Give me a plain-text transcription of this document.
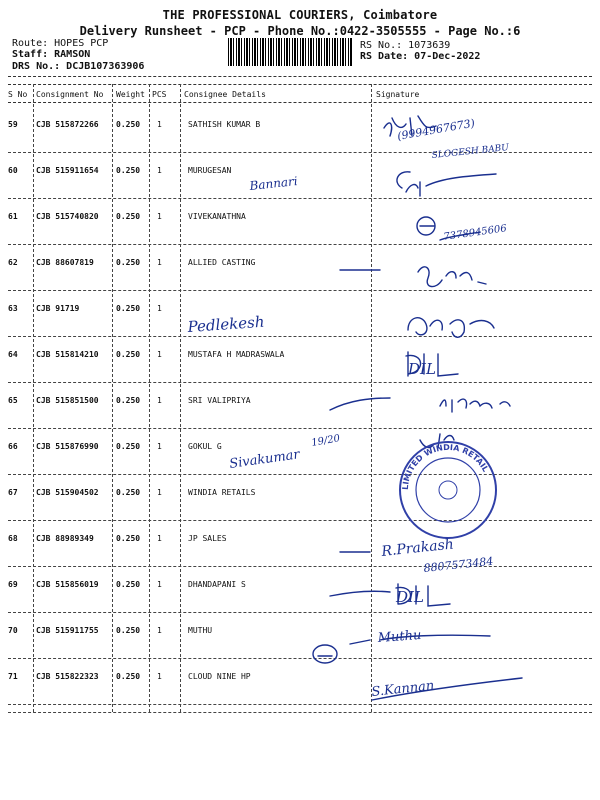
THE PROFESSIONAL COURIERS, Coimbatore
Delivery Runsheet - PCP - Phone No.:0422-3505555 - Page No.:6
Route: HOPES PCP
Staff: RAMSON
DRS No.: DCJB107363906
RS No.: 1073639
RS Date: 07-Dec-2022
S No Consignment No Weight PCS Consignee Details	Signature
59 CJB 515872266 0.250 1	SATHISH KUMAR B
60 CJB 515911654 0.250 1	MURUGESAN
61 CJB 515740820 0.250 1	VIVEKANATHNA
62 CJB 88607819	0.250 1	ALLIED CASTING
63 CJB 91719	0.250 1
64 CJB 515814210 0.250 1	MUSTAFA H MADRASWALA
65 CJB 515851500 0.250 1	SRI VALIPRIYA
66 CJB 515876990 0.250 1	GOKUL G
67 CJB 515904502 0.250 1	WINDIA RETAILS
68 CJB 88989349	0.250 1	JP SALES
69 CJB 515856019 0.250 1	DHANDAPANI S
70 CJB 515911755 0.250 1	MUTHU
71 CJB 515822323 0.250 1	CLOUD NINE HP
LIMITED WINDIA RETAIL
(9994967673)
SLOGESH BABU
Bannari
7378945606
Pedlekesh
DIL
Sivakumar
19/20
R.Prakash
8807573484
DIL
Muthu
S.Kannan
